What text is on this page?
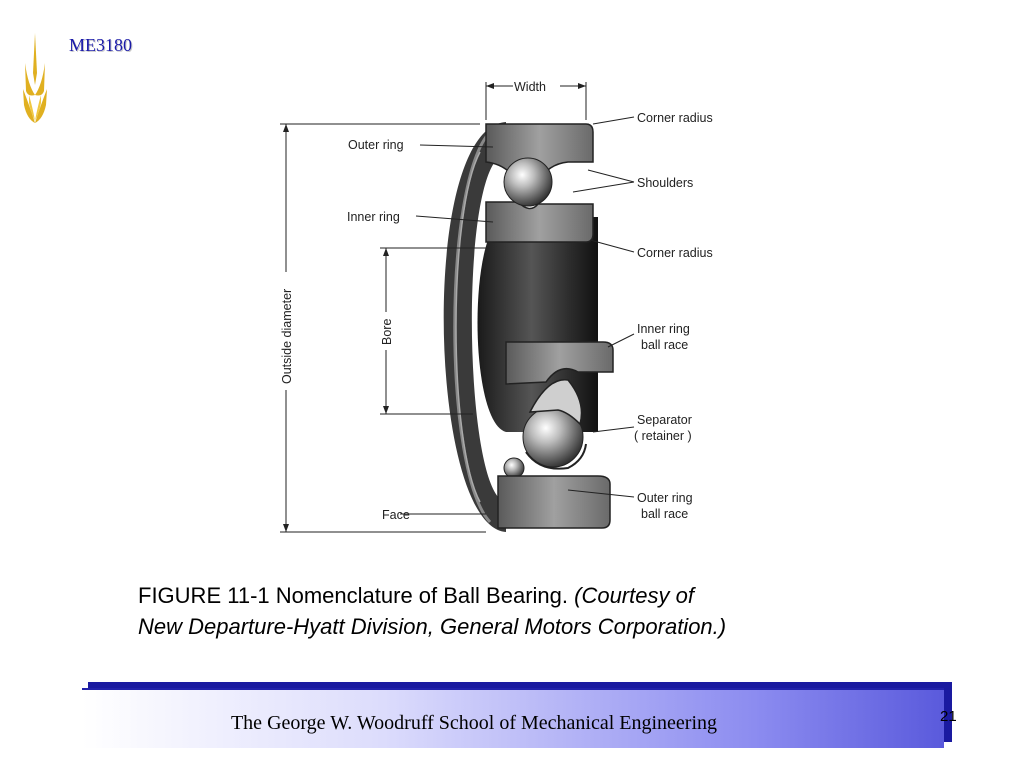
ME3180
Width
Corner radius
Outer ring
Shoulders
Inner ring
Corner radius
Outside diameter	Bore	Inner ring
ball race
Separator
( retainer )
Face
Outer ring
ball race
FIGURE 11-1 Nomenclature of Ball Bearing. (Courtesy of
New Departure-Hyatt Division, General Motors Corporation.)
The George W. Woodruff School of Mechanical Engineering	21
